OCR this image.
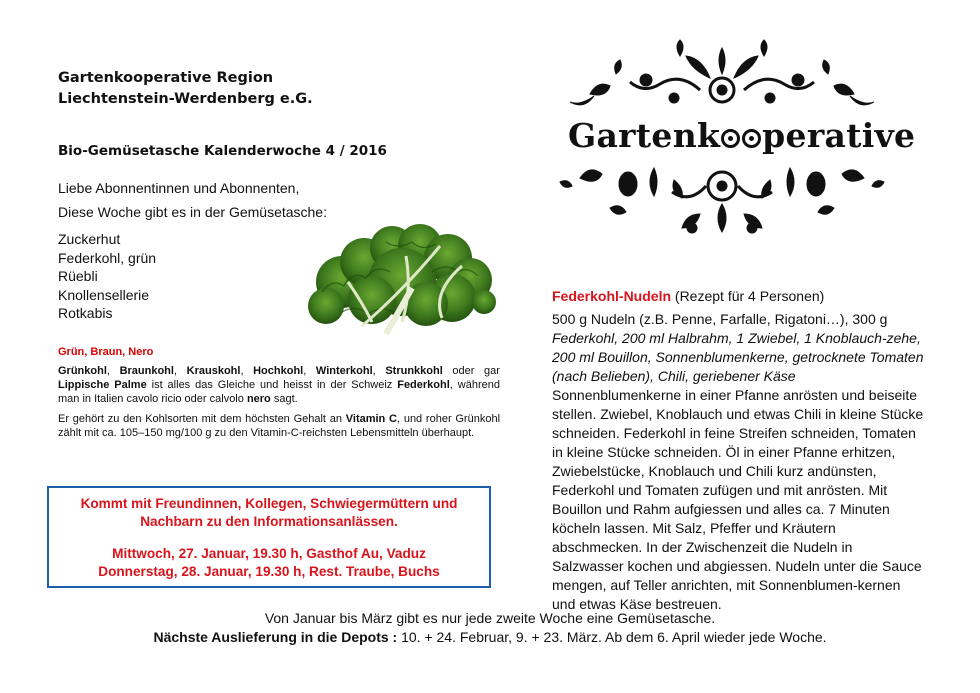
Gartenkooperative Region
Liechtenstein-Werdenberg e.G.
Bio-Gemüsetasche Kalenderwoche 4 / 2016
Liebe Abonnentinnen und Abonnenten,
Diese Woche gibt es in der Gemüsetasche:
Zuckerhut
Federkohl, grün
Rüebli
Knollensellerie
Rotkabis
Grün, Braun, Nero
Grünkohl, Braunkohl, Krauskohl, Hochkohl, Winterkohl, Strunkkohl oder gar Lippische Palme ist alles das Gleiche und heisst in der Schweiz Federkohl, während man in Italien cavolo ricio oder calvolo nero sagt.
Er gehört zu den Kohlsorten mit dem höchsten Gehalt an Vitamin C, und roher Grünkohl zählt mit ca. 105–150 mg/100 g zu den Vitamin-C-reichsten Lebensmitteln überhaupt.
Kommt mit Freundinnen, Kollegen, Schwiegermüttern und
Nachbarn zu den Informationsanlässen.
Mittwoch, 27. Januar, 19.30 h, Gasthof Au, Vaduz
Donnerstag, 28. Januar, 19.30 h, Rest. Traube, Buchs
Gartenk perative
Federkohl-Nudeln (Rezept für 4 Personen)
500 g Nudeln (z.B. Penne, Farfalle, Rigatoni…), 300 g Federkohl, 200 ml Halbrahm, 1 Zwiebel, 1 Knoblauch-zehe, 200 ml Bouillon, Sonnenblumenkerne, getrocknete Tomaten (nach Belieben), Chili, geriebener Käse Sonnenblumenkerne in einer Pfanne anrösten und beiseite stellen. Zwiebel, Knoblauch und etwas Chili in kleine Stücke schneiden. Federkohl in feine Streifen schneiden, Tomaten in kleine Stücke schneiden. Öl in einer Pfanne erhitzen, Zwiebelstücke, Knoblauch und Chili kurz andünsten, Federkohl und Tomaten zufügen und mit anrösten. Mit Bouillon und Rahm aufgiessen und alles ca. 7 Minuten köcheln lassen. Mit Salz, Pfeffer und Kräutern abschmecken. In der Zwischenzeit die Nudeln in Salzwasser kochen und abgiessen. Nudeln unter die Sauce mengen, auf Teller anrichten, mit Sonnenblumen-kernen und etwas Käse bestreuen.
Von Januar bis März gibt es nur jede zweite Woche eine Gemüsetasche.
Nächste Auslieferung in die Depots : 10. + 24. Februar, 9. + 23. März. Ab dem 6. April wieder jede Woche.
